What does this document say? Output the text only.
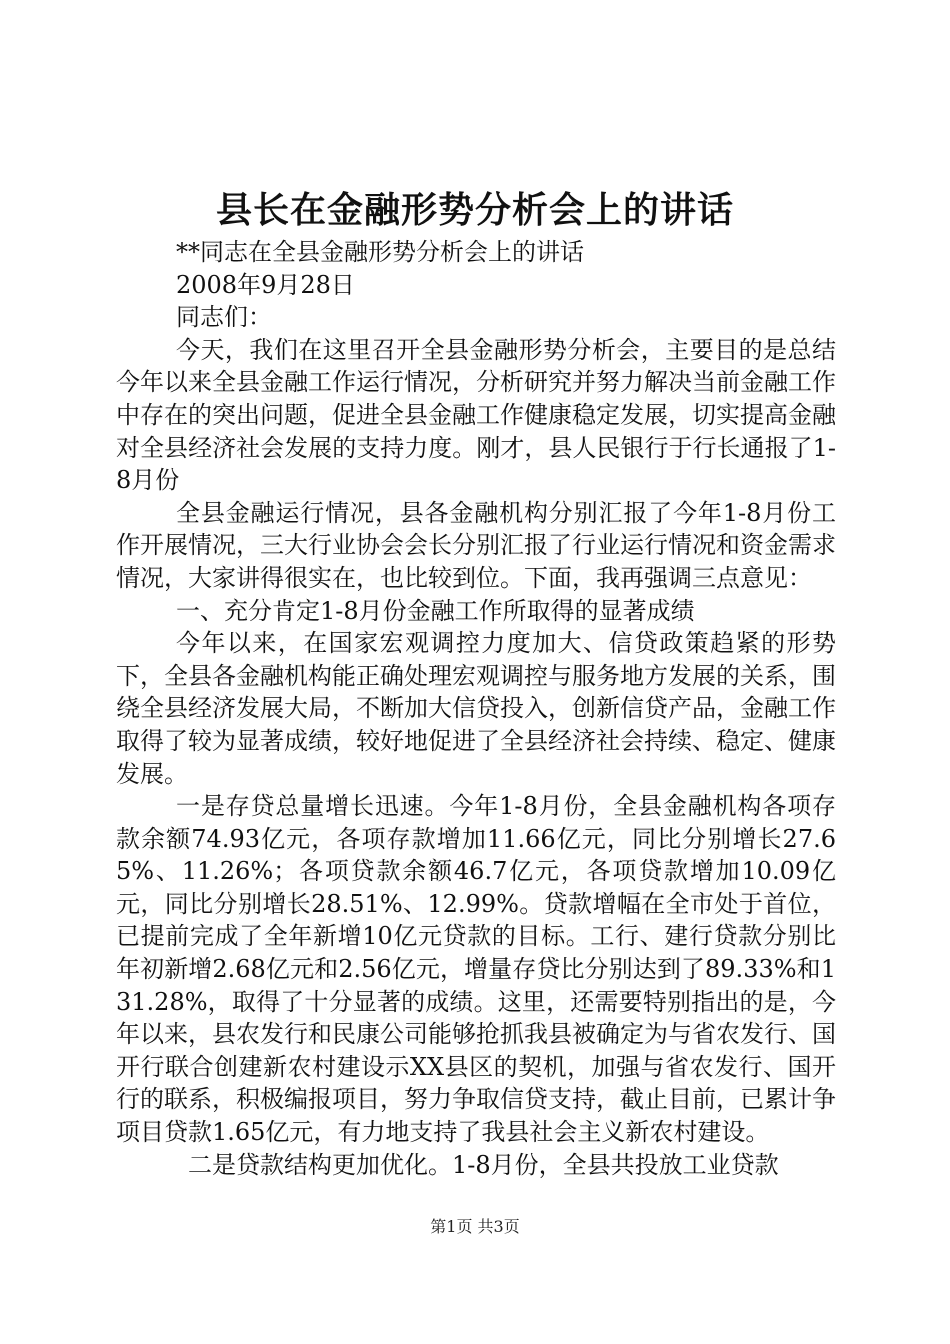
县长在金融形势分析会上的讲话

**同志在全县金融形势分析会上的讲话

2008年9月28日

同志们：

今天，我们在这里召开全县金融形势分析会，主要目的是总结今年以来全县金融工作运行情况，分析研究并努力解决当前金融工作中存在的突出问题，促进全县金融工作健康稳定发展，切实提高金融对全县经济社会发展的支持力度。刚才，县人民银行于行长通报了1-8月份

全县金融运行情况，县各金融机构分别汇报了今年1-8月份工作开展情况，三大行业协会会长分别汇报了行业运行情况和资金需求情况，大家讲得很实在，也比较到位。下面，我再强调三点意见：

一、充分肯定1-8月份金融工作所取得的显著成绩

今年以来，在国家宏观调控力度加大、信贷政策趋紧的形势下，全县各金融机构能正确处理宏观调控与服务地方发展的关系，围绕全县经济发展大局，不断加大信贷投入，创新信贷产品，金融工作取得了较为显著成绩，较好地促进了全县经济社会持续、稳定、健康发展。

一是存贷总量增长迅速。今年1-8月份，全县金融机构各项存款余额74.93亿元，各项存款增加11.66亿元，同比分别增长27.65%、11.26%；各项贷款余额46.7亿元，各项贷款增加10.09亿元，同比分别增长28.51%、12.99%。贷款增幅在全市处于首位，已提前完成了全年新增10亿元贷款的目标。工行、建行贷款分别比年初新增2.68亿元和2.56亿元，增量存贷比分别达到了89.33%和131.28%，取得了十分显著的成绩。这里，还需要特别指出的是，今年以来，县农发行和民康公司能够抢抓我县被确定为与省农发行、国开行联合创建新农村建设示XX县区的契机，加强与省农发行、国开行的联系，积极编报项目，努力争取信贷支持，截止目前，已累计争项目贷款1.65亿元，有力地支持了我县社会主义新农村建设。

二是贷款结构更加优化。1-8月份，全县共投放工业贷款

第1页 共3页
